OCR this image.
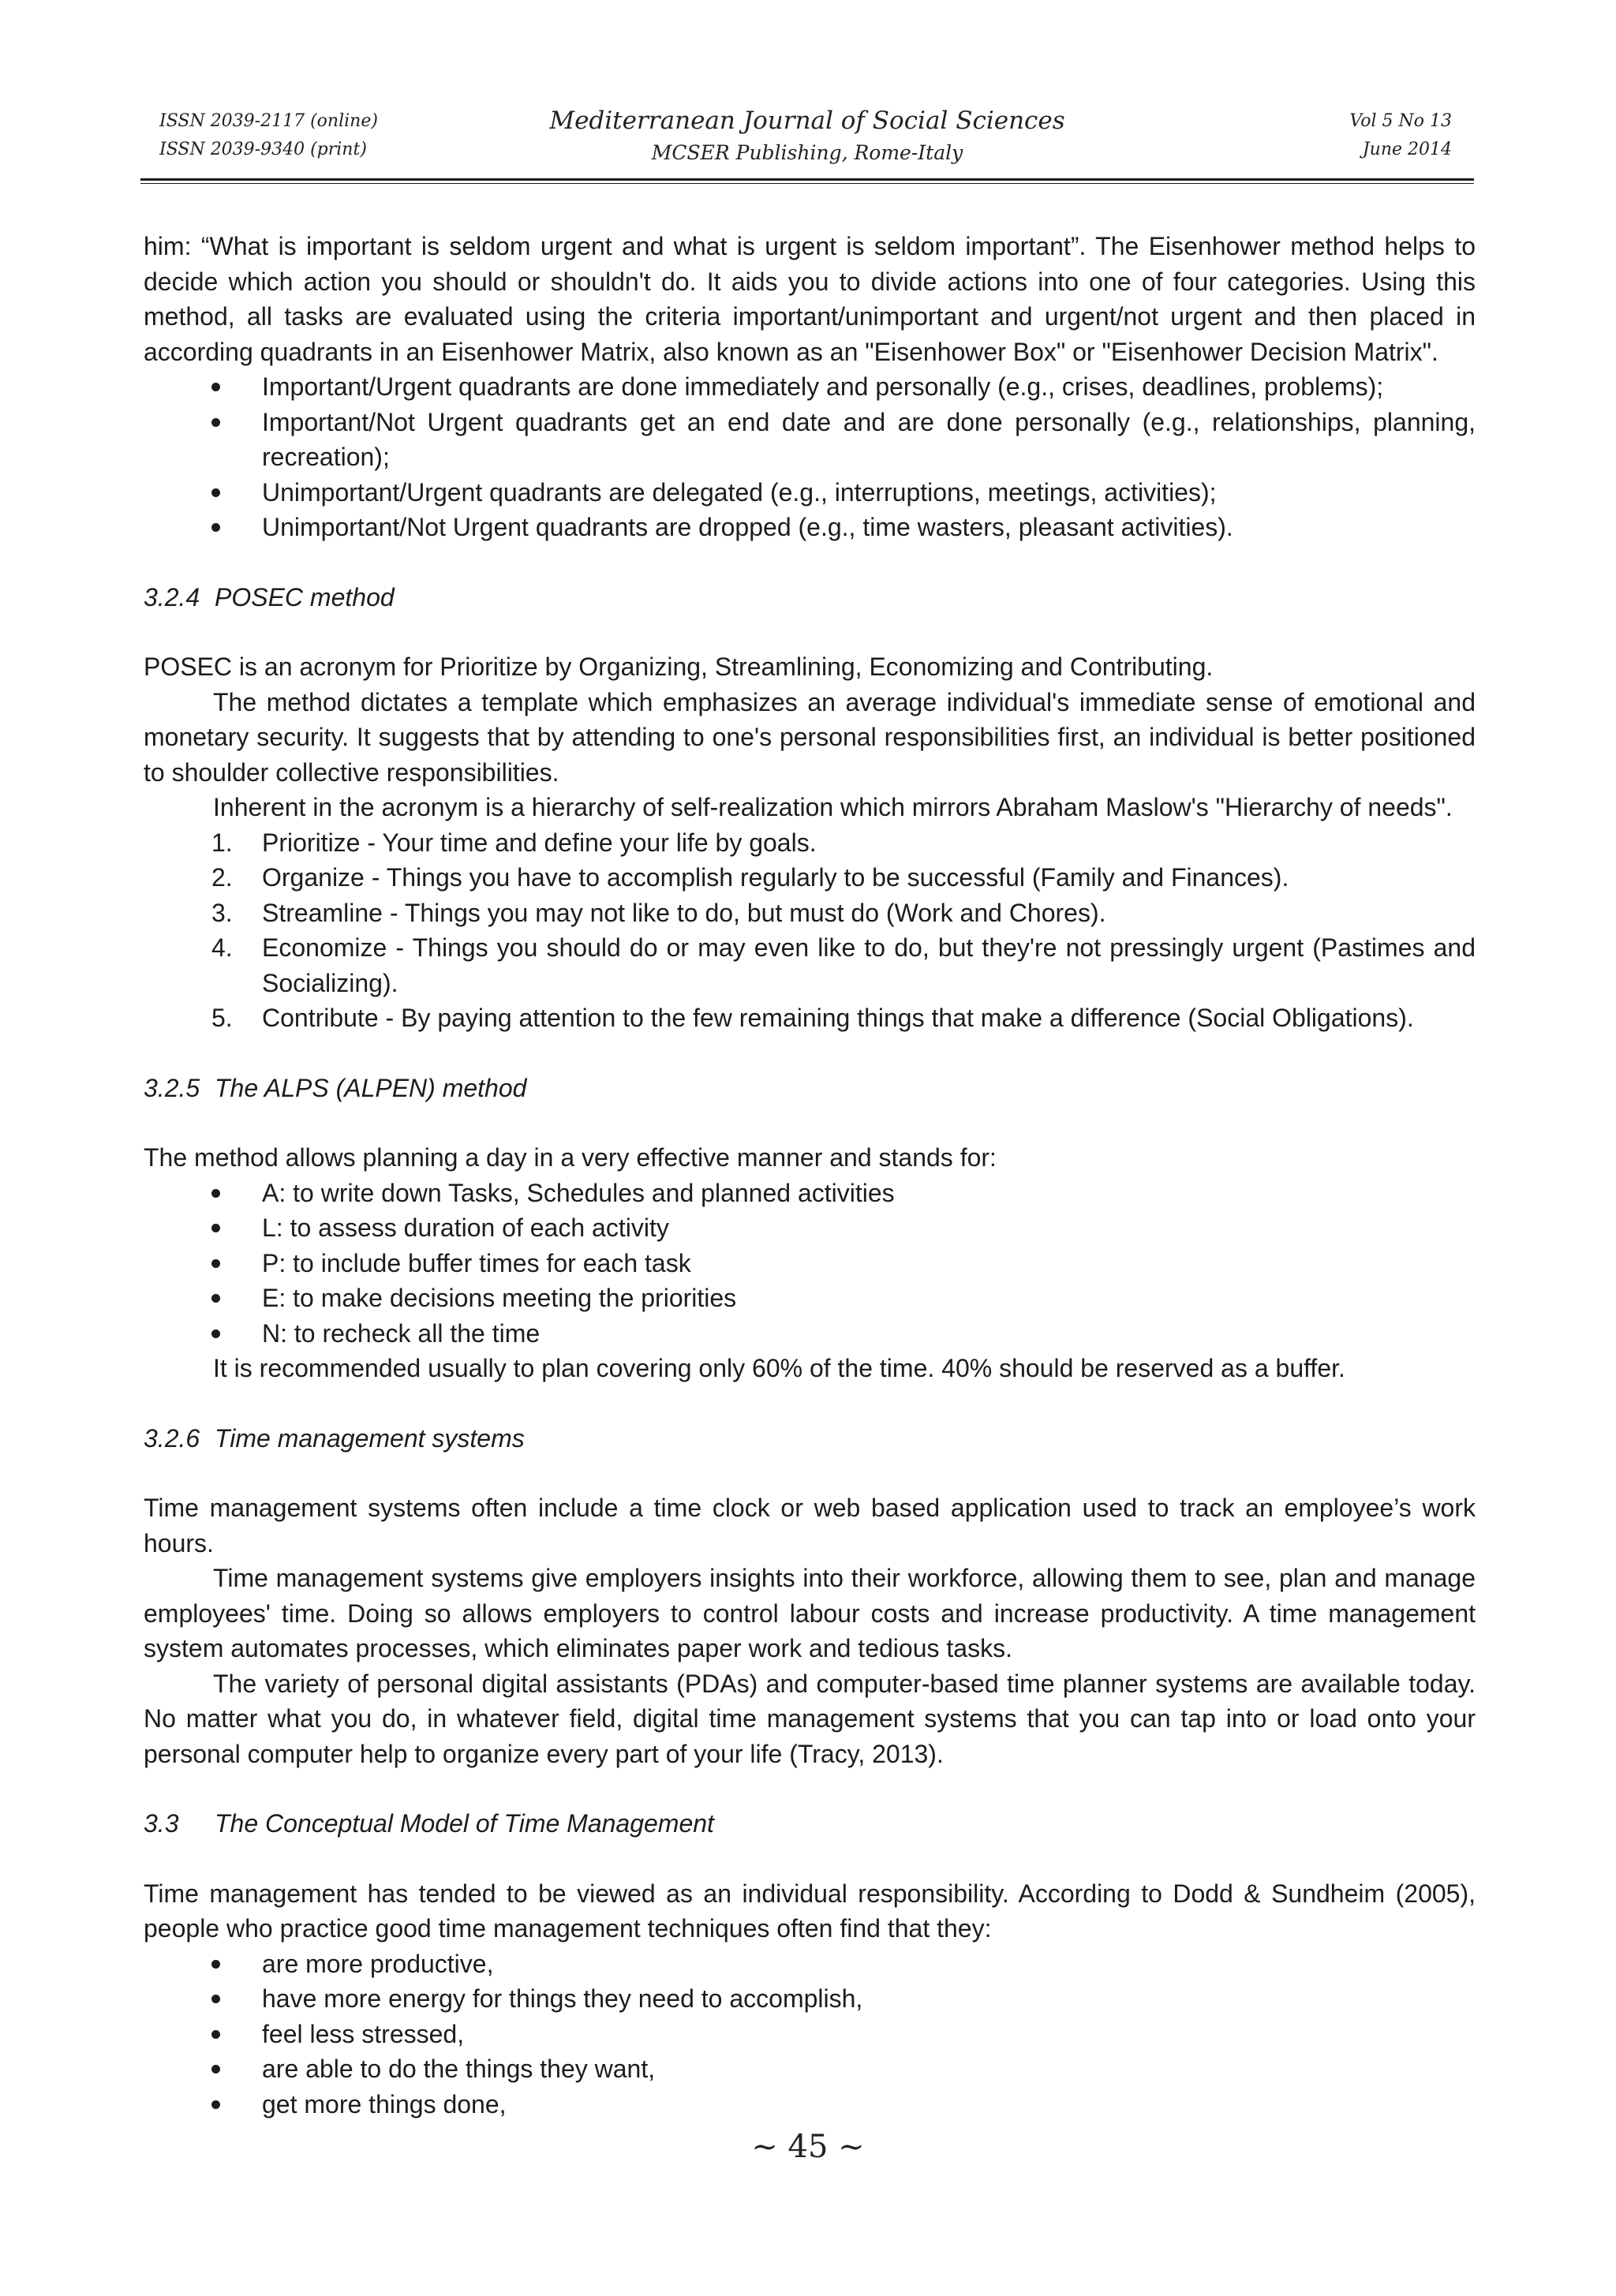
ISSN 2039-2117 (online)
ISSN 2039-9340 (print)
Mediterranean Journal of Social Sciences
MCSER Publishing, Rome-Italy
Vol 5 No 13
June 2014

him: “What is important is seldom urgent and what is urgent is seldom important”. The Eisenhower method helps to decide which action you should or shouldn't do. It aids you to divide actions into one of four categories. Using this method, all tasks are evaluated using the criteria important/unimportant and urgent/not urgent and then placed in according quadrants in an Eisenhower Matrix, also known as an "Eisenhower Box" or "Eisenhower Decision Matrix".

Important/Urgent quadrants are done immediately and personally (e.g., crises, deadlines, problems);
Important/Not Urgent quadrants get an end date and are done personally (e.g., relationships, planning, recreation);
Unimportant/Urgent quadrants are delegated (e.g., interruptions, meetings, activities);
Unimportant/Not Urgent quadrants are dropped (e.g., time wasters, pleasant activities).
3.2.4 POSEC method

POSEC is an acronym for Prioritize by Organizing, Streamlining, Economizing and Contributing.

The method dictates a template which emphasizes an average individual's immediate sense of emotional and monetary security. It suggests that by attending to one's personal responsibilities first, an individual is better positioned to shoulder collective responsibilities.

Inherent in the acronym is a hierarchy of self-realization which mirrors Abraham Maslow's "Hierarchy of needs".

1.	Prioritize - Your time and define your life by goals.
2.	Organize - Things you have to accomplish regularly to be successful (Family and Finances).
3.	Streamline - Things you may not like to do, but must do (Work and Chores).
4.	Economize - Things you should do or may even like to do, but they're not pressingly urgent (Pastimes and Socializing).
5.	Contribute - By paying attention to the few remaining things that make a difference (Social Obligations).
3.2.5 The ALPS (ALPEN) method

The method allows planning a day in a very effective manner and stands for:

A: to write down Tasks, Schedules and planned activities
L: to assess duration of each activity
P: to include buffer times for each task
E: to make decisions meeting the priorities
N: to recheck all the time

It is recommended usually to plan covering only 60% of the time. 40% should be reserved as a buffer.

3.2.6 Time management systems

Time management systems often include a time clock or web based application used to track an employee’s work hours.

Time management systems give employers insights into their workforce, allowing them to see, plan and manage employees' time. Doing so allows employers to control labour costs and increase productivity. A time management system automates processes, which eliminates paper work and tedious tasks.

The variety of personal digital assistants (PDAs) and computer-based time planner systems are available today. No matter what you do, in whatever field, digital time management systems that you can tap into or load onto your personal computer help to organize every part of your life (Tracy, 2013).

3.3 The Conceptual Model of Time Management

Time management has tended to be viewed as an individual responsibility. According to Dodd & Sundheim (2005), people who practice good time management techniques often find that they:

are more productive,
have more energy for things they need to accomplish,
feel less stressed,
are able to do the things they want,
get more things done,
~ 45 ~
